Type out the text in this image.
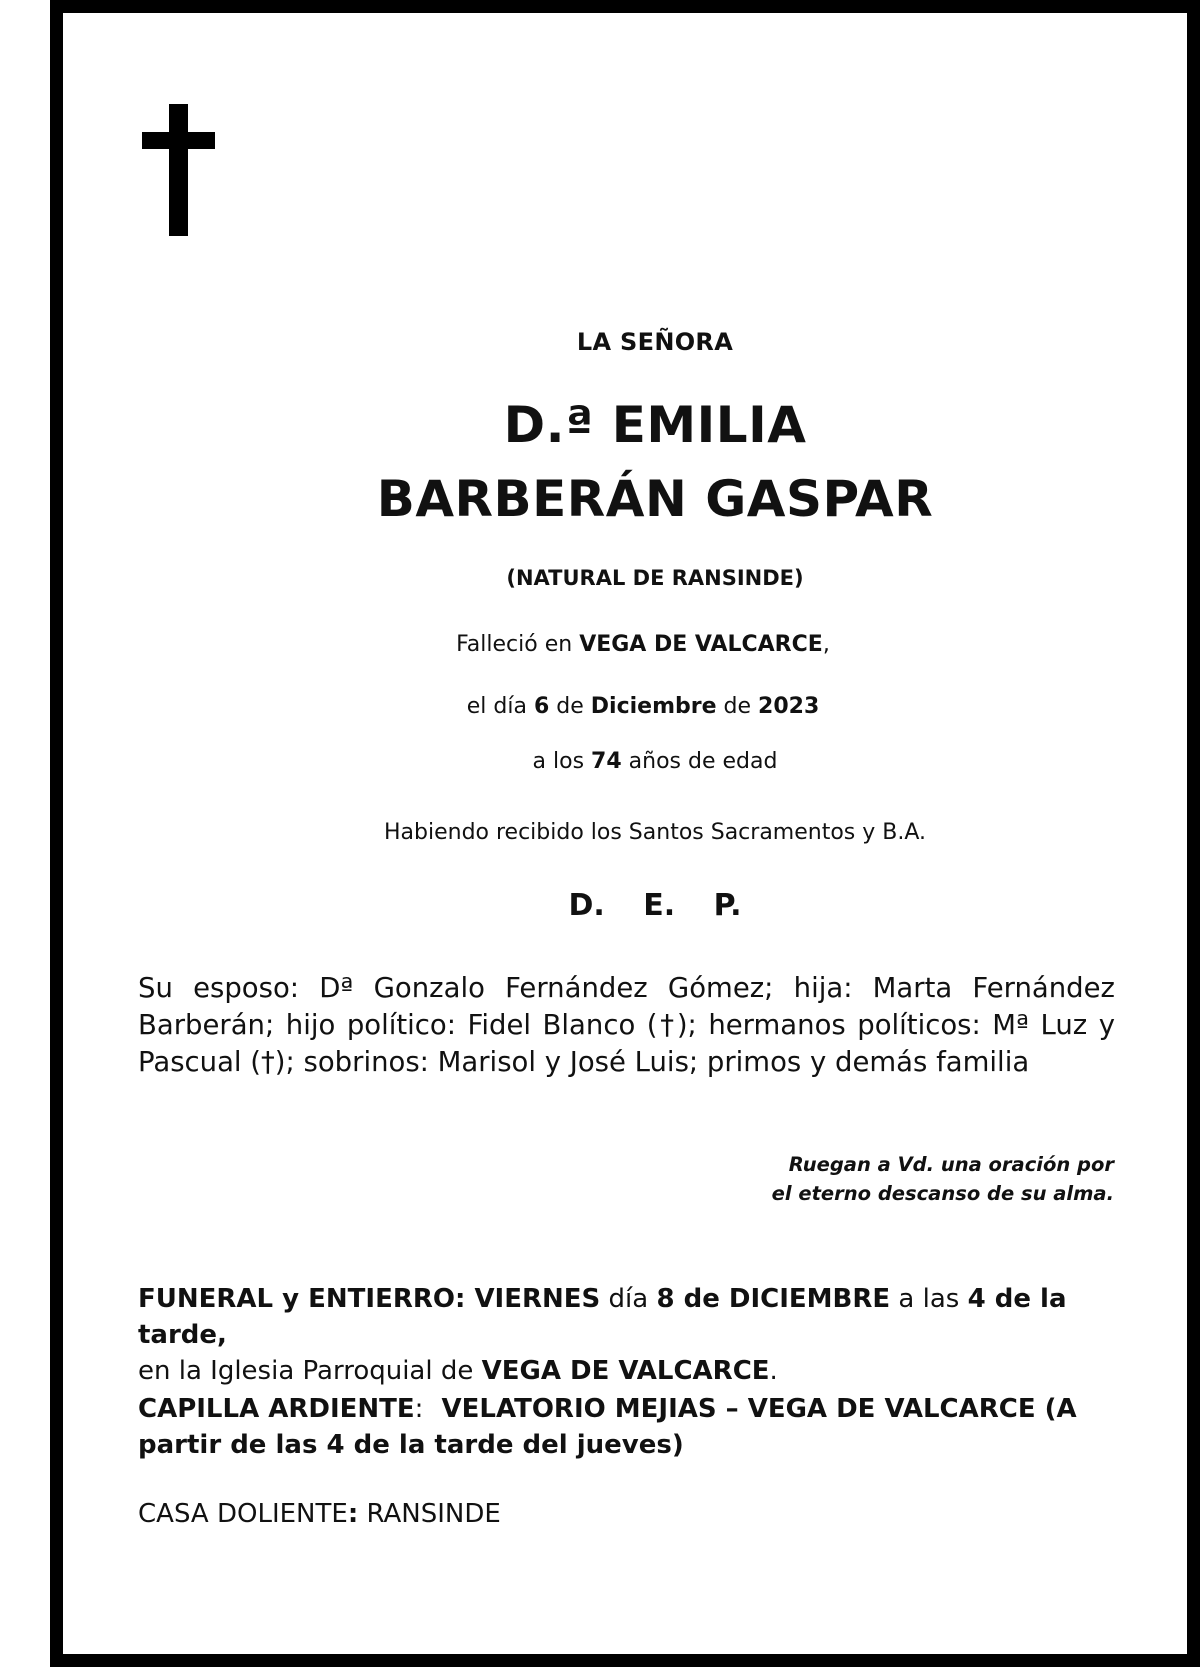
LA SEÑORA
D.ª EMILIA
BARBERÁN GASPAR
(NATURAL DE RANSINDE)
Falleció en VEGA DE VALCARCE,
el día 6 de Diciembre de 2023
a los 74 años de edad
Habiendo recibido los Santos Sacramentos y B.A.
D. E. P.
Su esposo: Dª Gonzalo Fernández Gómez; hija: Marta Fernández Barberán; hijo político: Fidel Blanco (†); hermanos políticos: Mª Luz y Pascual (†); sobrinos: Marisol y José Luis; primos y demás familia
Ruegan a Vd. una oración por
el eterno descanso de su alma.
FUNERAL y ENTIERRO: VIERNES día 8 de DICIEMBRE a las 4 de la tarde,
en la Iglesia Parroquial de VEGA DE VALCARCE.
CAPILLA ARDIENTE:  VELATORIO MEJIAS – VEGA DE VALCARCE (A partir de las 4 de la tarde del jueves)
CASA DOLIENTE: RANSINDE
